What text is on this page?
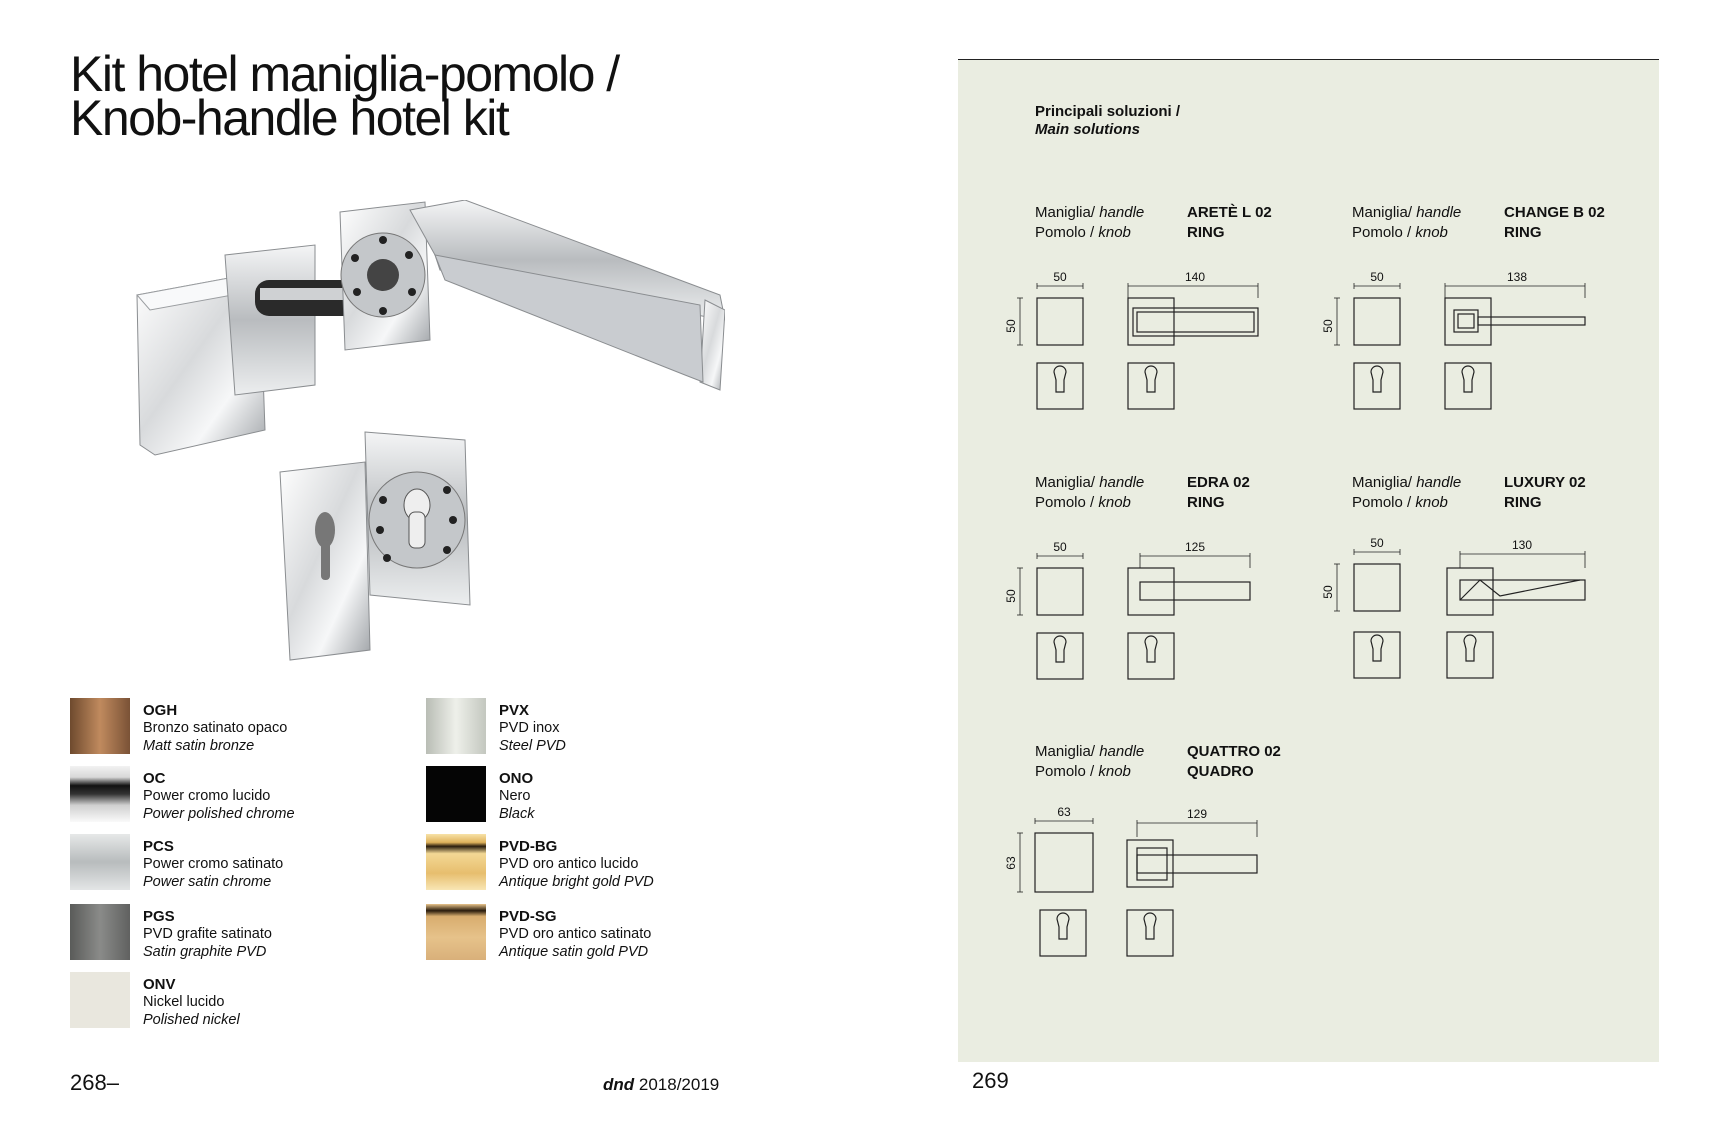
Kit hotel maniglia-pomolo /
Knob-handle hotel kit
OGH
Bronzo satinato opaco
Matt satin bronze
PVX
PVD inox
Steel PVD
OC
Power cromo lucido
Power polished chrome
ONO
Nero
Black
PCS
Power cromo satinato
Power satin chrome
PVD-BG
PVD oro antico lucido
Antique bright gold PVD
PGS
PVD grafite satinato
Satin graphite PVD
PVD-SG
PVD oro antico satinato
Antique satin gold PVD
ONV
Nickel lucido
Polished nickel
268–	dnd 2018/2019	269
Principali soluzioni /
Main solutions
Maniglia/ handle
Pomolo / knob
ARETÈ L 02
RING
50
50	140
Maniglia/ handle
Pomolo / knob
CHANGE B 02
RING
50
50	138
Maniglia/ handle
Pomolo / knob
EDRA 02
RING
50
50	125
Maniglia/ handle
Pomolo / knob
LUXURY 02
RING
50
50	130
Maniglia/ handle
Pomolo / knob
QUATTRO 02
QUADRO
63
63	129
